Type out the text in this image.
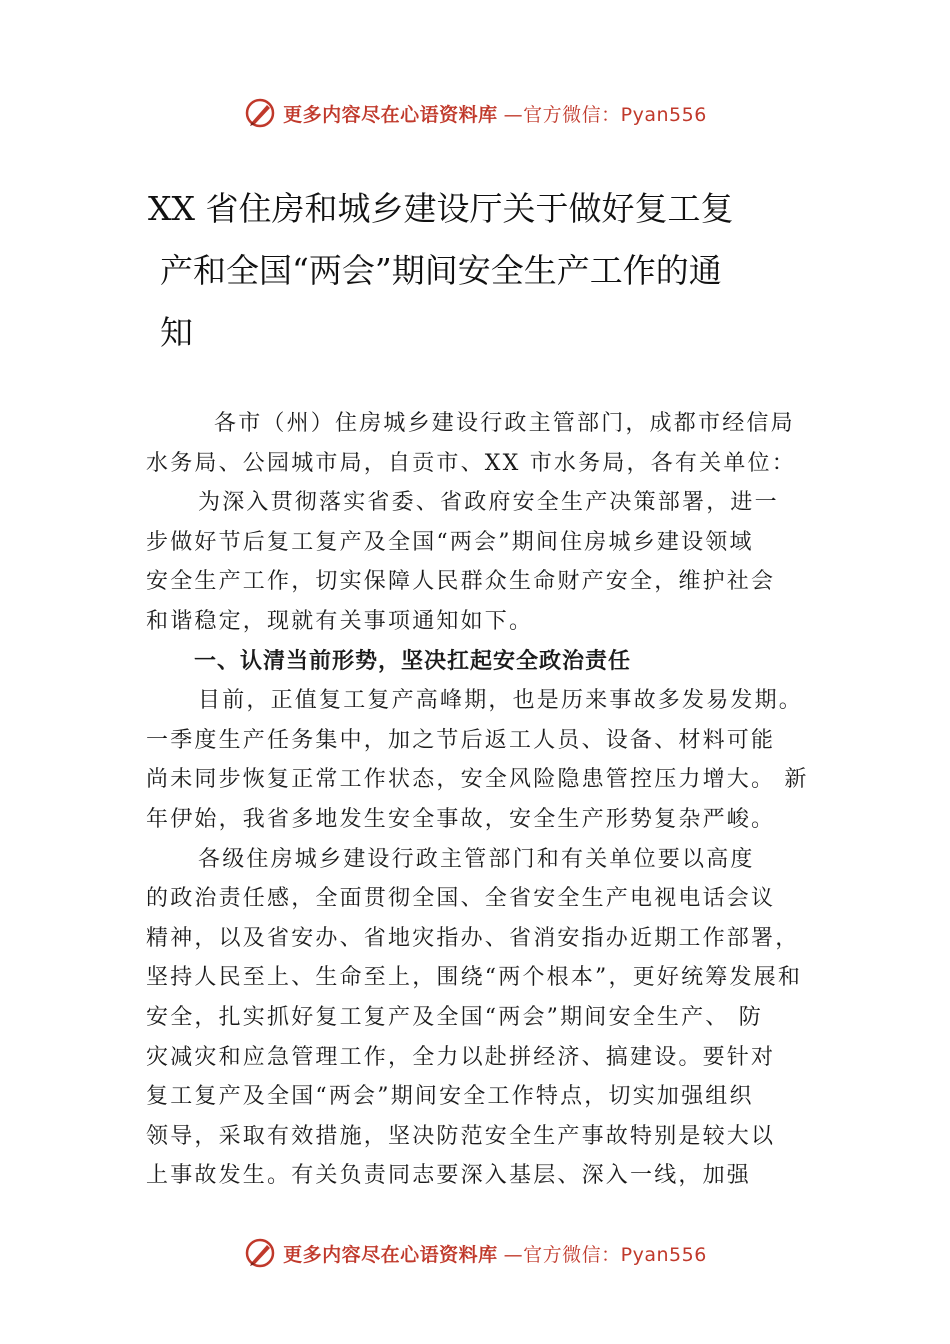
更多内容尽在心语资料库 —官方微信：Pyan556
XX 省住房和城乡建设厅关于做好复工复
产和全国“两会”期间安全生产工作的通
知
各市（州）住房城乡建设行政主管部门，成都市经信局
水务局、公园城市局，自贡市、XX 市水务局，各有关单位：
为深入贯彻落实省委、省政府安全生产决策部署，进一
步做好节后复工复产及全国“两会”期间住房城乡建设领域
安全生产工作，切实保障人民群众生命财产安全，维护社会
和谐稳定，现就有关事项通知如下。
一、认清当前形势，坚决扛起安全政治责任
目前，正值复工复产高峰期，也是历来事故多发易发期。
一季度生产任务集中，加之节后返工人员、设备、材料可能
尚未同步恢复正常工作状态，安全风险隐患管控压力增大。 新
年伊始，我省多地发生安全事故，安全生产形势复杂严峻。
各级住房城乡建设行政主管部门和有关单位要以高度
的政治责任感，全面贯彻全国、全省安全生产电视电话会议
精神，以及省安办、省地灾指办、省消安指办近期工作部署，
坚持人民至上、生命至上，围绕“两个根本”，更好统筹发展和
安全，扎实抓好复工复产及全国“两会”期间安全生产、 防
灾减灾和应急管理工作，全力以赴拼经济、搞建设。要针对
复工复产及全国“两会”期间安全工作特点，切实加强组织
领导，采取有效措施，坚决防范安全生产事故特别是较大以
上事故发生。有关负责同志要深入基层、深入一线，加强
更多内容尽在心语资料库 —官方微信：Pyan556
